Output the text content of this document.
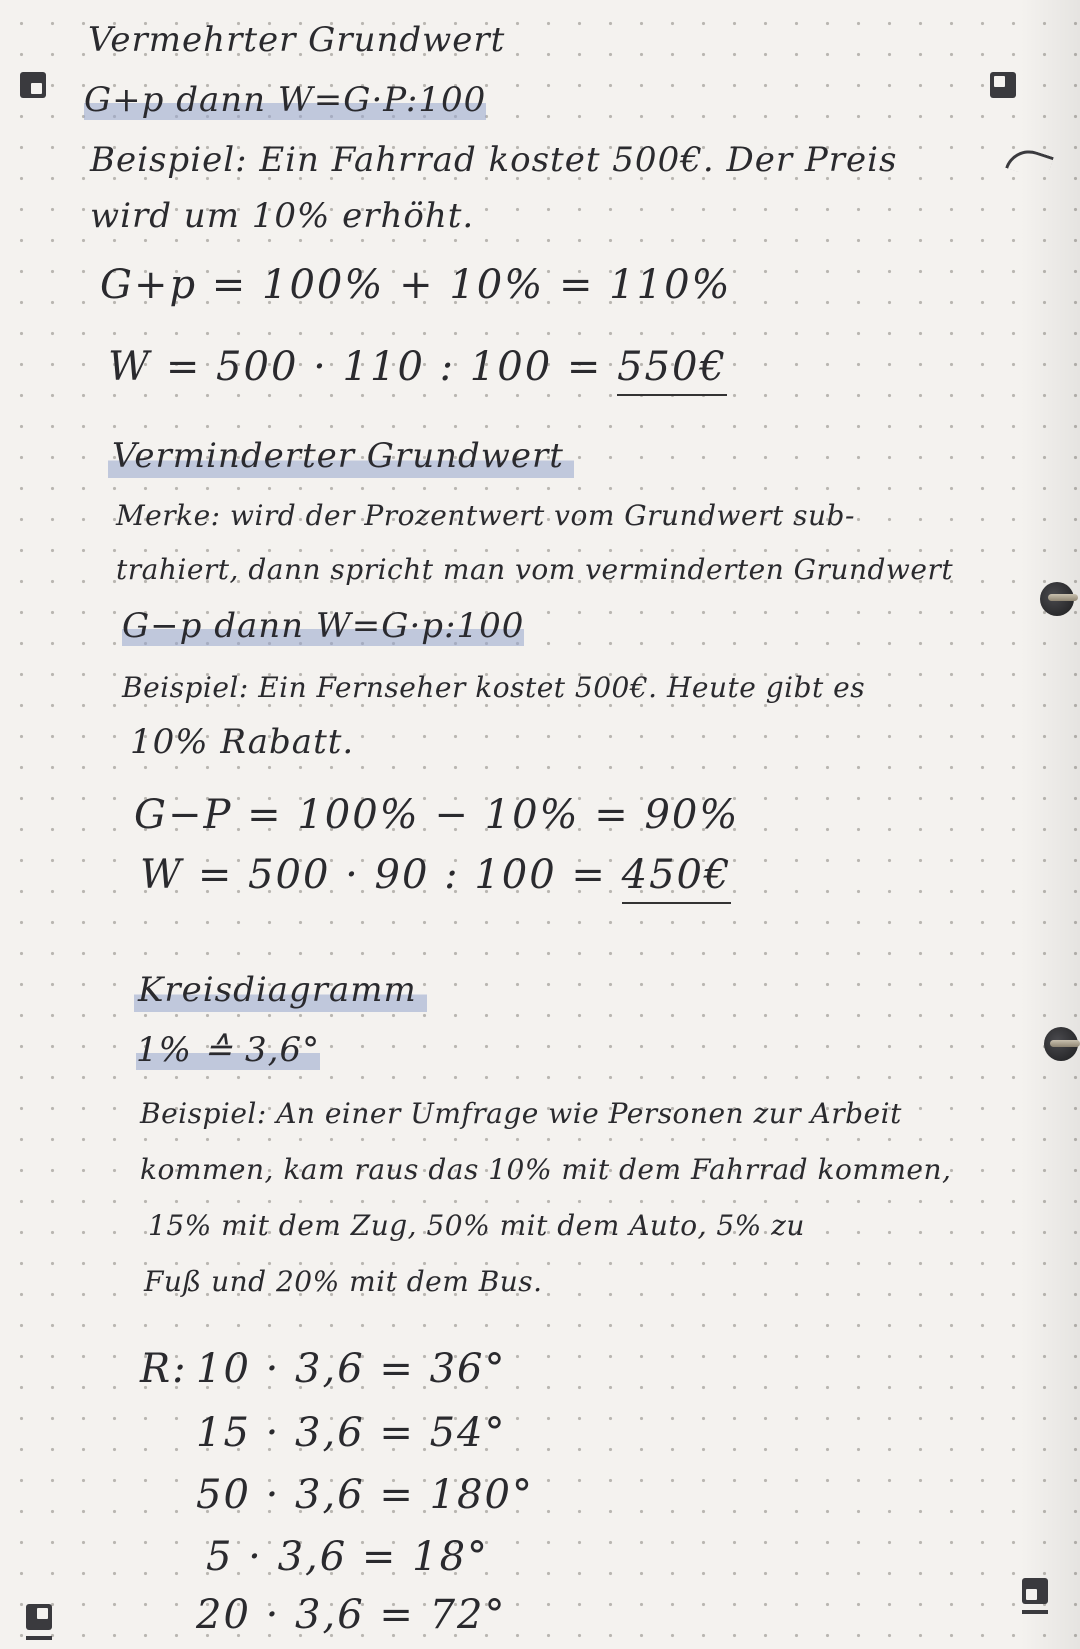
Vermehrter Grundwert
G+p dann W=G·P:100
Beispiel: Ein Fahrrad kostet 500€. Der Preis
wird um 10% erhöht.
G+p = 100% + 10% = 110%
W = 500 · 110 : 100 = 550€
Verminderter Grundwert
Merke: wird der Prozentwert vom Grundwert sub-
trahiert, dann spricht man vom verminderten Grundwert
G−p dann W=G·p:100
Beispiel: Ein Fernseher kostet 500€. Heute gibt es
10% Rabatt.
G−P = 100% − 10% = 90%
W = 500 · 90 : 100 = 450€
Kreisdiagramm
1% ≙ 3,6°
Beispiel: An einer Umfrage wie Personen zur Arbeit
kommen, kam raus das 10% mit dem Fahrrad kommen,
15% mit dem Zug, 50% mit dem Auto, 5% zu
Fuß und 20% mit dem Bus.
R: 10 · 3,6 = 36°
15 · 3,6 = 54°
50 · 3,6 = 180°
5 · 3,6 = 18°
20 · 3,6 = 72°
